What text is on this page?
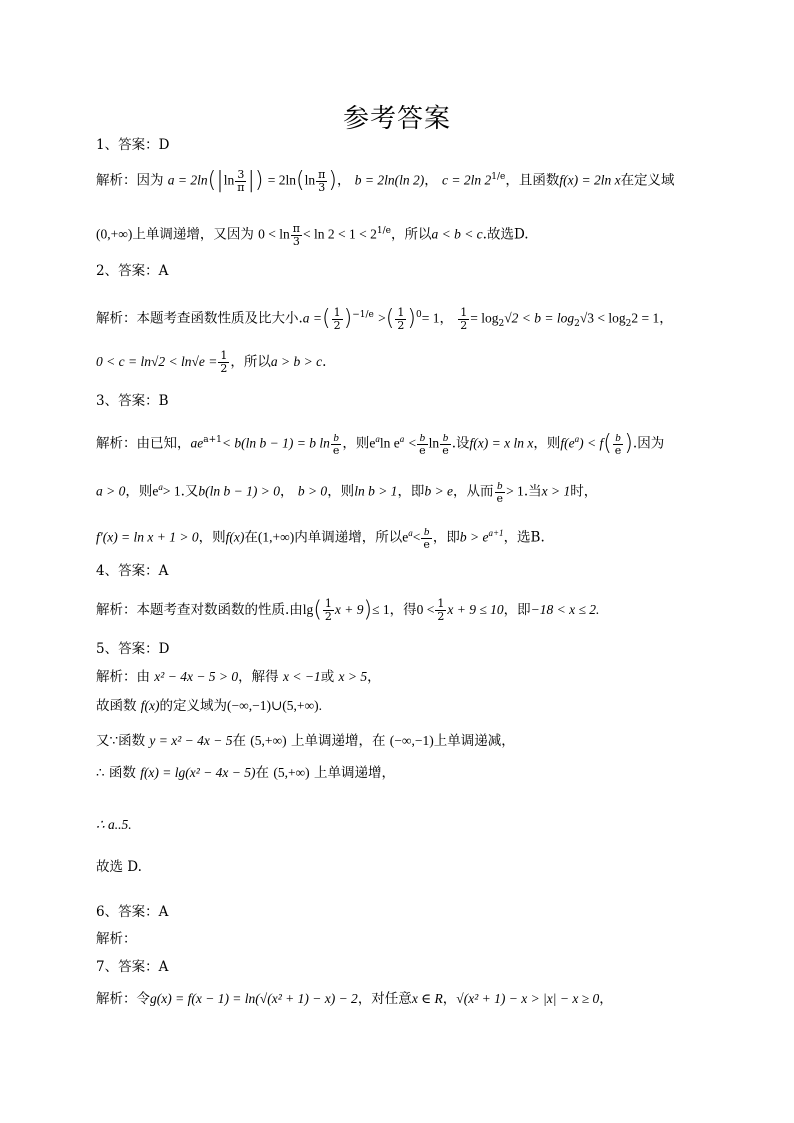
参考答案
1、答案：D
解析：因为 $a = 2\ln(|\ln \frac{3}{\pi}$ |) = $2\ln(\ln \frac{\pi}{3}$ )， b = 2ln(ln 2)， c = 2ln $2^{1/e}$，且函数f(x) = 2ln x在定义域
(0,+∞)上单调递增，又因为 $0 < \ln \frac{\pi}{3} < \ln 2 < 1 < 2^{1/e}$，所以a < b < c.故选D.
2、答案：A
解析：本题考查函数性质及比大小.a =( $\frac{1}{2} )^{-1/e}$ >( $\frac{1}{2} )^0= 1$， $\frac{1}{2} = \log_2√2 < b = \log_2√3 < \log_22 = 1$，
$0 < c = \ln√2 < \ln√e = \frac{1}{2}$ ，所以a > b > c.
3、答案：B
解析：由已知，$ae^{a+1}< b(\ln$ b − 1) = b $\ln \frac{b}{e}$ ，则$e^a\ln$ $e^a < \frac{b}{e}$ $\ln \frac{b}{e}$ .设f(x) = x ln x，则$f(e^a) < f( \frac{b}{e}$ ).因为
a > 0，则$e^a> 1$.又b(ln b − 1) > 0， b > 0，则ln b > 1，即b > e，从而 $\frac{b}{e} > 1$.当x > 1时，
f′(x) = ln x + 1 > 0，则f(x)在(1,+∞)内单调递增，所以$e^a< \frac{b}{e}$ ，即$b > e^{a+1}$，选B.
4、答案：A
解析：本题考查对数函数的性质.由$\lg( \frac{1}{2}$ x + 9)≤ 1，得$0 < \frac{1}{2}$ x + 9 ≤ 10，即−18 < x ≤ 2.
5、答案：D
解析：由 x² − 4x − 5 > 0，解得 x < −1或 x > 5，
故函数 f(x)的定义域为(−∞,−1)∪(5,+∞).
又∵函数 y = x² − 4x − 5在 (5,+∞) 上单调递增，在 (−∞,−1)上单调递减，
∴ 函数 f(x) = lg(x² − 4x − 5)在 (5,+∞) 上单调递增，
∴ a..5.
故选 D.
6、答案：A
解析：
7、答案：A
解析：令g(x) = f(x − 1) = ln(√(x² + 1) − x) − 2，对任意x ∈ R，√(x² + 1) − x > |x| − x ≥ 0，
